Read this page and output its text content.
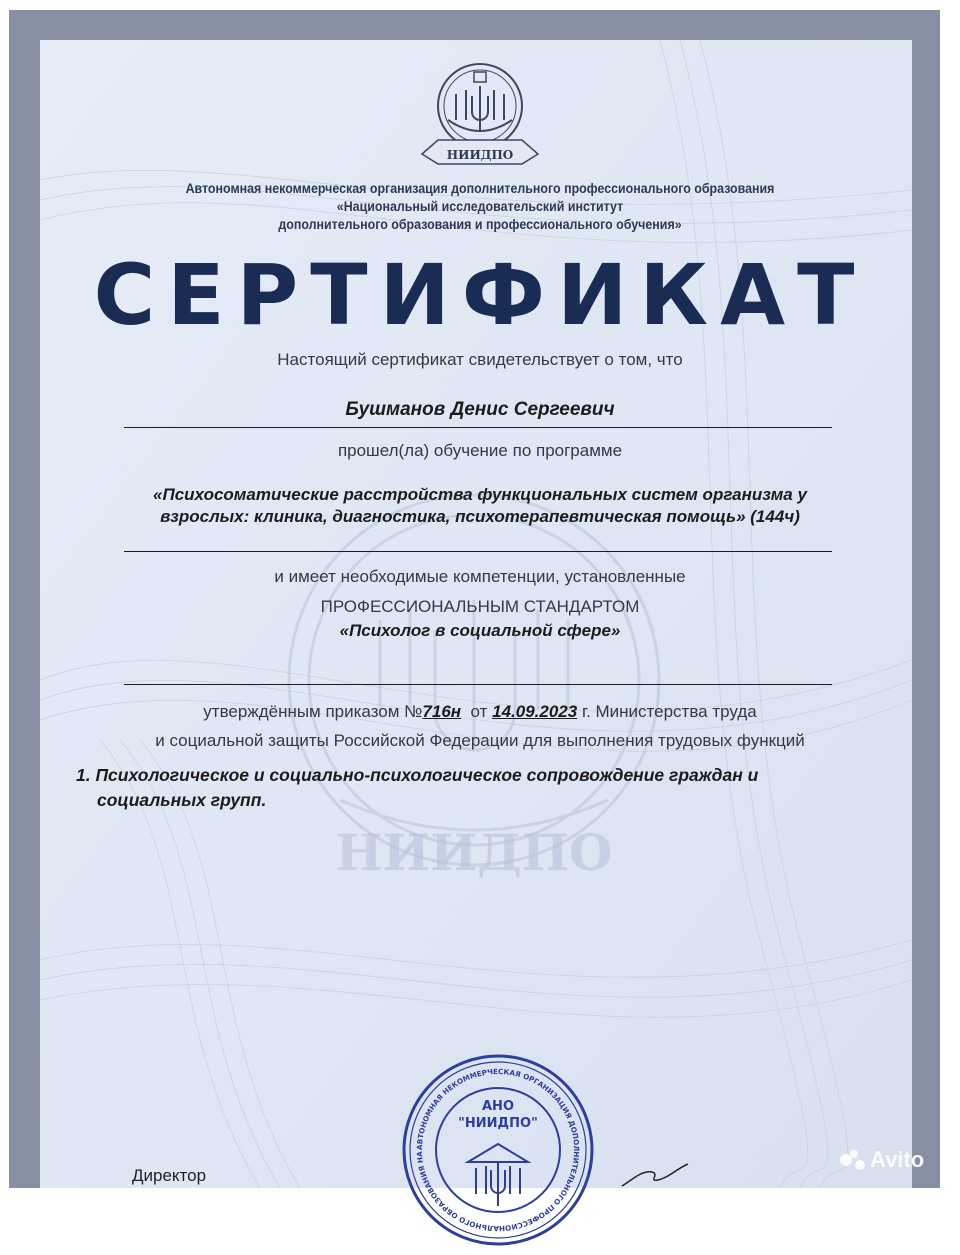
НИИДПО
НИИДПО
Автономная некоммерческая организация дополнительного профессионального образования
«Национальный исследовательский институт
дополнительного образования и профессионального обучения»
СЕРТИФИКАТ
Настоящий сертификат свидетельствует о том, что
Бушманов Денис Сергеевич
прошел(ла) обучение по программе
«Психосоматические расстройства функциональных систем организма у
взрослых: клиника, диагностика, психотерапевтическая помощь» (144ч)
и имеет необходимые компетенции, установленные
ПРОФЕССИОНАЛЬНЫМ СТАНДАРТОМ
«Психолог в социальной сфере»
утверждённым приказом №716н от 14.09.2023 г. Министерства труда
и социальной защиты Российской Федерации для выполнения трудовых функций
1. Психологическое и социально-психологическое сопровождение граждан и
социальных групп.
АВТОНОМНАЯ НЕКОММЕРЧЕСКАЯ ОРГАНИЗАЦИЯ ДОПОЛНИТЕЛЬНОГО ПРОФЕССИОНАЛЬНОГО ОБРАЗОВАНИЯ НА
АНО
"НИИДПО"
Директор
Avito
